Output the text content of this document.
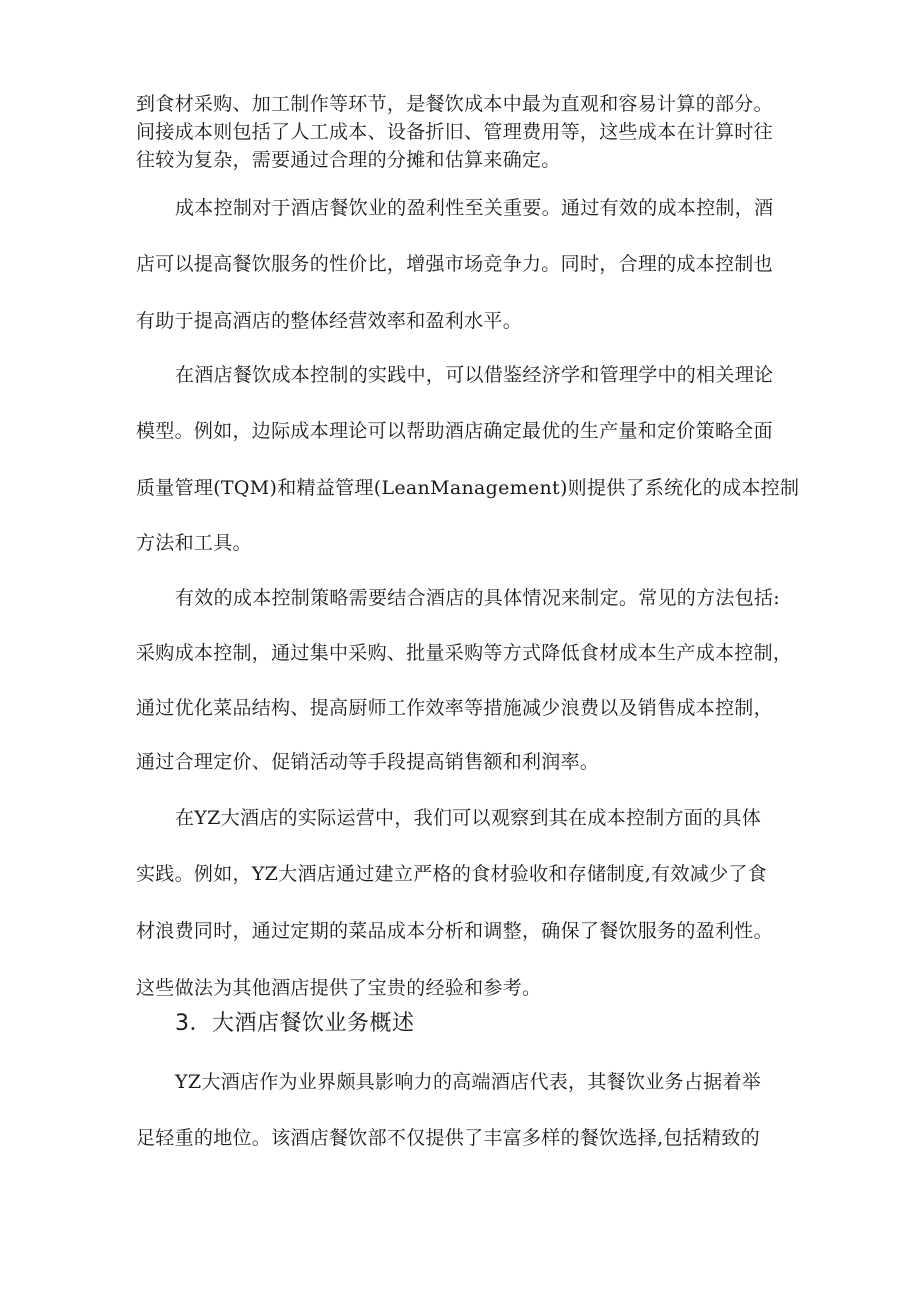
到食材采购、加工制作等环节，是餐饮成本中最为直观和容易计算的部分。
间接成本则包括了人工成本、设备折旧、管理费用等，这些成本在计算时往
往较为复杂，需要通过合理的分摊和估算来确定。
成本控制对于酒店餐饮业的盈利性至关重要。通过有效的成本控制，酒
店可以提高餐饮服务的性价比，增强市场竞争力。同时，合理的成本控制也
有助于提高酒店的整体经营效率和盈利水平。
在酒店餐饮成本控制的实践中，可以借鉴经济学和管理学中的相关理论
模型。例如，边际成本理论可以帮助酒店确定最优的生产量和定价策略全面
质量管理(TQM)和精益管理(LeanManagement)则提供了系统化的成本控制
方法和工具。
有效的成本控制策略需要结合酒店的具体情况来制定。常见的方法包括:
采购成本控制，通过集中采购、批量采购等方式降低食材成本生产成本控制，
通过优化菜品结构、提高厨师工作效率等措施减少浪费以及销售成本控制，
通过合理定价、促销活动等手段提高销售额和利润率。
在YZ大酒店的实际运营中，我们可以观察到其在成本控制方面的具体
实践。例如，YZ大酒店通过建立严格的食材验收和存储制度,有效减少了食
材浪费同时，通过定期的菜品成本分析和调整，确保了餐饮服务的盈利性。
这些做法为其他酒店提供了宝贵的经验和参考。
3．大酒店餐饮业务概述
YZ大酒店作为业界颇具影响力的高端酒店代表，其餐饮业务占据着举
足轻重的地位。该酒店餐饮部不仅提供了丰富多样的餐饮选择,包括精致的
